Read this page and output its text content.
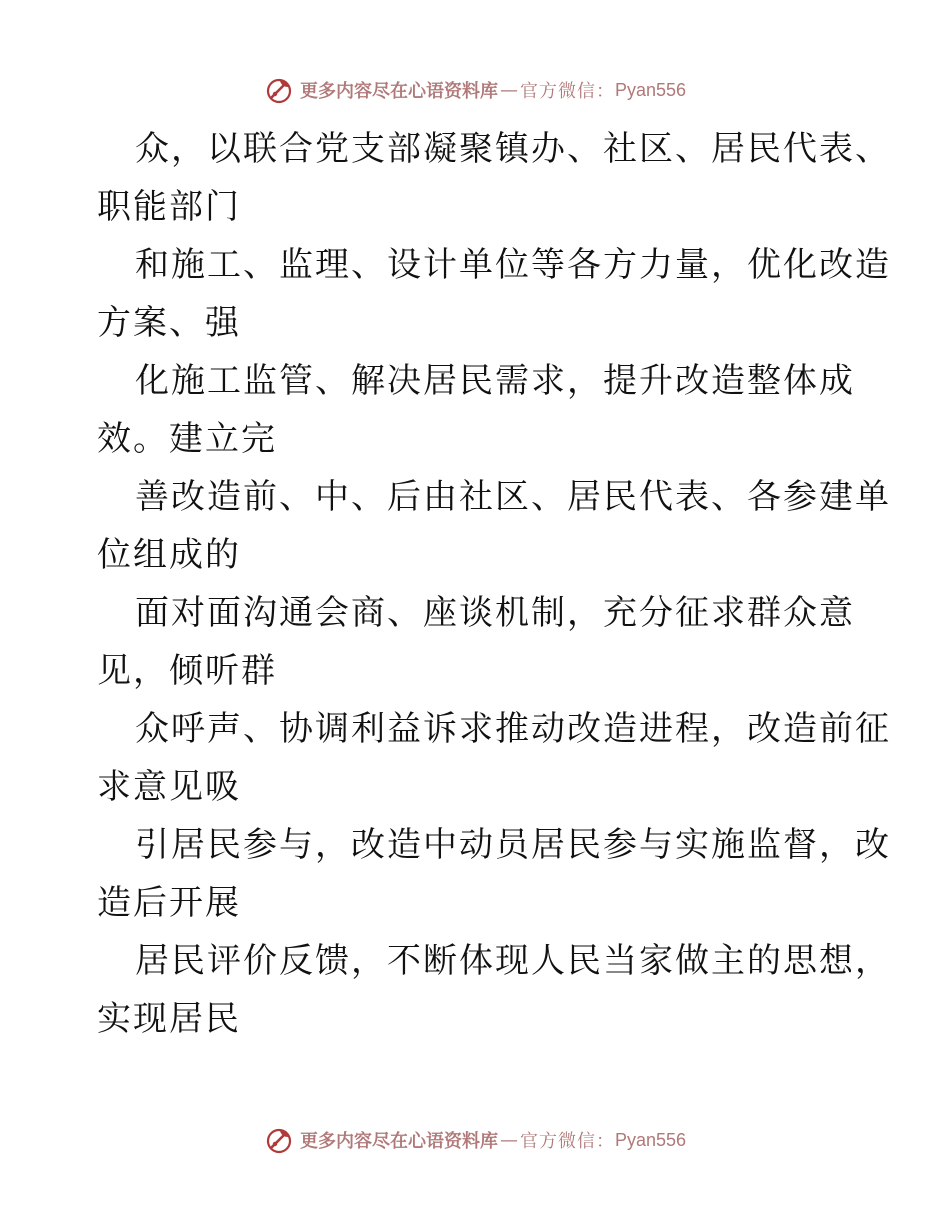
更多内容尽在心语资料库 — 官方微信： Pyan556

众，以联合党支部凝聚镇办、社区、居民代表、
职能部门

和施工、监理、设计单位等各方力量，优化改造
方案、强

化施工监管、解决居民需求，提升改造整体成
效。建立完

善改造前、中、后由社区、居民代表、各参建单
位组成的

面对面沟通会商、座谈机制，充分征求群众意
见，倾听群

众呼声、协调利益诉求推动改造进程，改造前征
求意见吸

引居民参与，改造中动员居民参与实施监督，改
造后开展

居民评价反馈，不断体现人民当家做主的思想，
实现居民

更多内容尽在心语资料库 — 官方微信： Pyan556
